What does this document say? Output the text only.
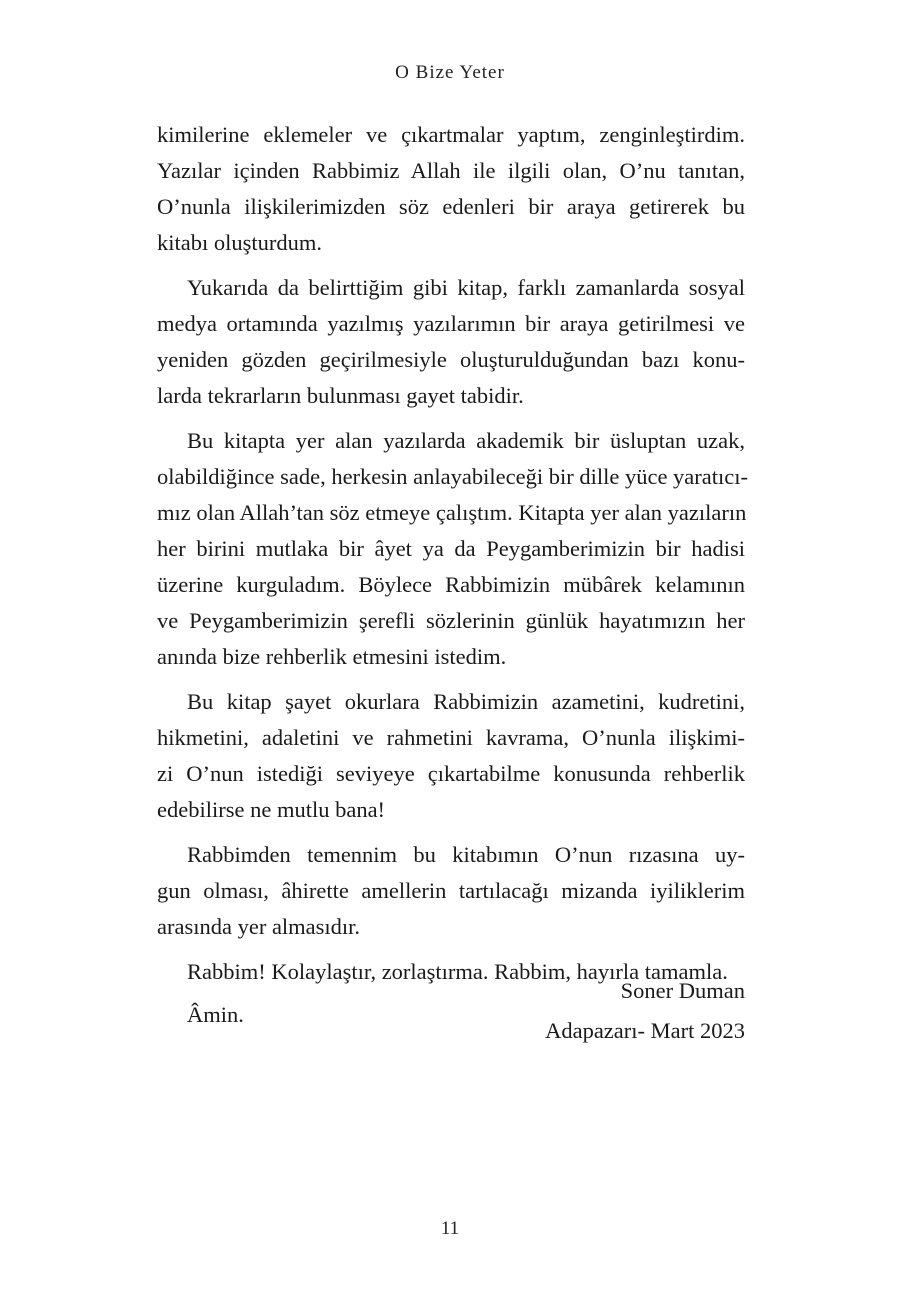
O Bize Yeter
kimilerine eklemeler ve çıkartmalar yaptım, zenginleştirdim.
Yazılar içinden Rabbimiz Allah ile ilgili olan, O’nu tanıtan,
O’nunla ilişkilerimizden söz edenleri bir araya getirerek bu
kitabı oluşturdum.
Yukarıda da belirttiğim gibi kitap, farklı zamanlarda sosyal
medya ortamında yazılmış yazılarımın bir araya getirilmesi ve
yeniden gözden geçirilmesiyle oluşturulduğundan bazı konu-
larda tekrarların bulunması gayet tabidir.
Bu kitapta yer alan yazılarda akademik bir üsluptan uzak,
olabildiğince sade, herkesin anlayabileceği bir dille yüce yaratıcı-
mız olan Allah’tan söz etmeye çalıştım. Kitapta yer alan yazıların
her birini mutlaka bir âyet ya da Peygamberimizin bir hadisi
üzerine kurguladım. Böylece Rabbimizin mübârek kelamının
ve Peygamberimizin şerefli sözlerinin günlük hayatımızın her
anında bize rehberlik etmesini istedim.
Bu kitap şayet okurlara Rabbimizin azametini, kudretini,
hikmetini, adaletini ve rahmetini kavrama, O’nunla ilişkimi-
zi O’nun istediği seviyeye çıkartabilme konusunda rehberlik
edebilirse ne mutlu bana!
Rabbimden temennim bu kitabımın O’nun rızasına uy-
gun olması, âhirette amellerin tartılacağı mizanda iyiliklerim
arasında yer almasıdır.
Rabbim! Kolaylaştır, zorlaştırma. Rabbim, hayırla tamamla.
Âmin.
Soner Duman
Adapazarı- Mart 2023
11
